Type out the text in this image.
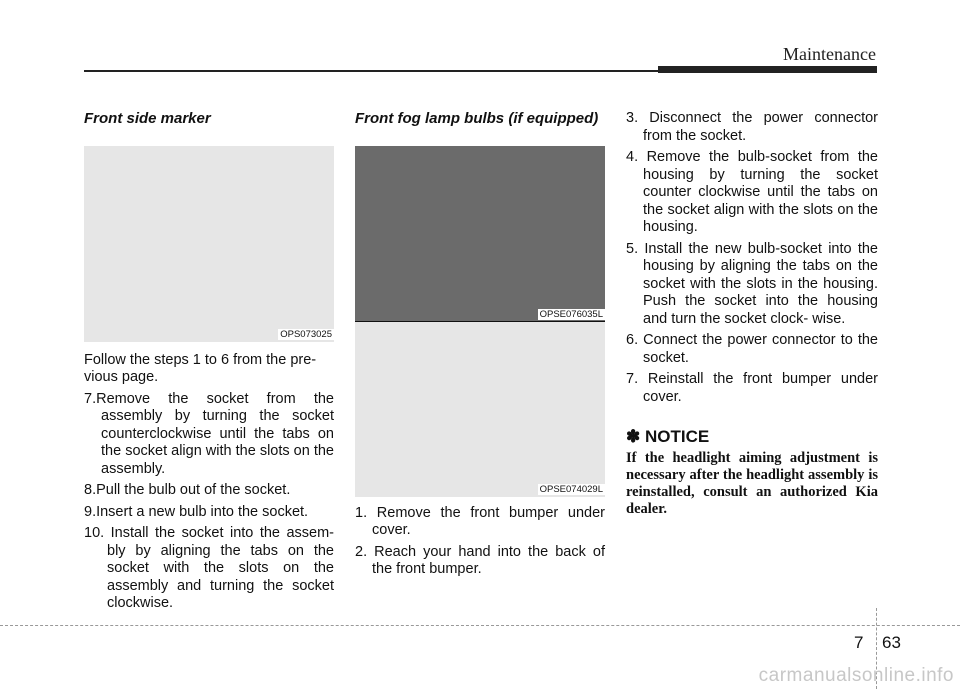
Maintenance
Front side marker
OPS073025

Follow the steps 1 to 6 from the pre- vious page.

7.Remove the socket from the assembly by turning the socket counterclockwise until the tabs on the socket align with the slots on the assembly.

8.Pull the bulb out of the socket.

9.Insert a new bulb into the socket.

10. Install the socket into the assem- bly by aligning the tabs on the socket with the slots on the assembly and turning the socket clockwise.

Front fog lamp bulbs (if equipped)
OPSE076035L
OPSE074029L

1. Remove the front bumper under cover.

2. Reach your hand into the back of the front bumper.

3. Disconnect the power connector from the socket.

4. Remove the bulb-socket from the housing by turning the socket counter clockwise until the tabs on the socket align with the slots on the housing.

5. Install the new bulb-socket into the housing by aligning the tabs on the socket with the slots in the housing. Push the socket into the housing and turn the socket clock- wise.

6. Connect the power connector to the socket.

7. Reinstall the front bumper under cover.

✽ NOTICE
If the headlight aiming adjustment is necessary after the headlight assembly is reinstalled, consult an authorized Kia dealer.
7 63
carmanualsonline.info
